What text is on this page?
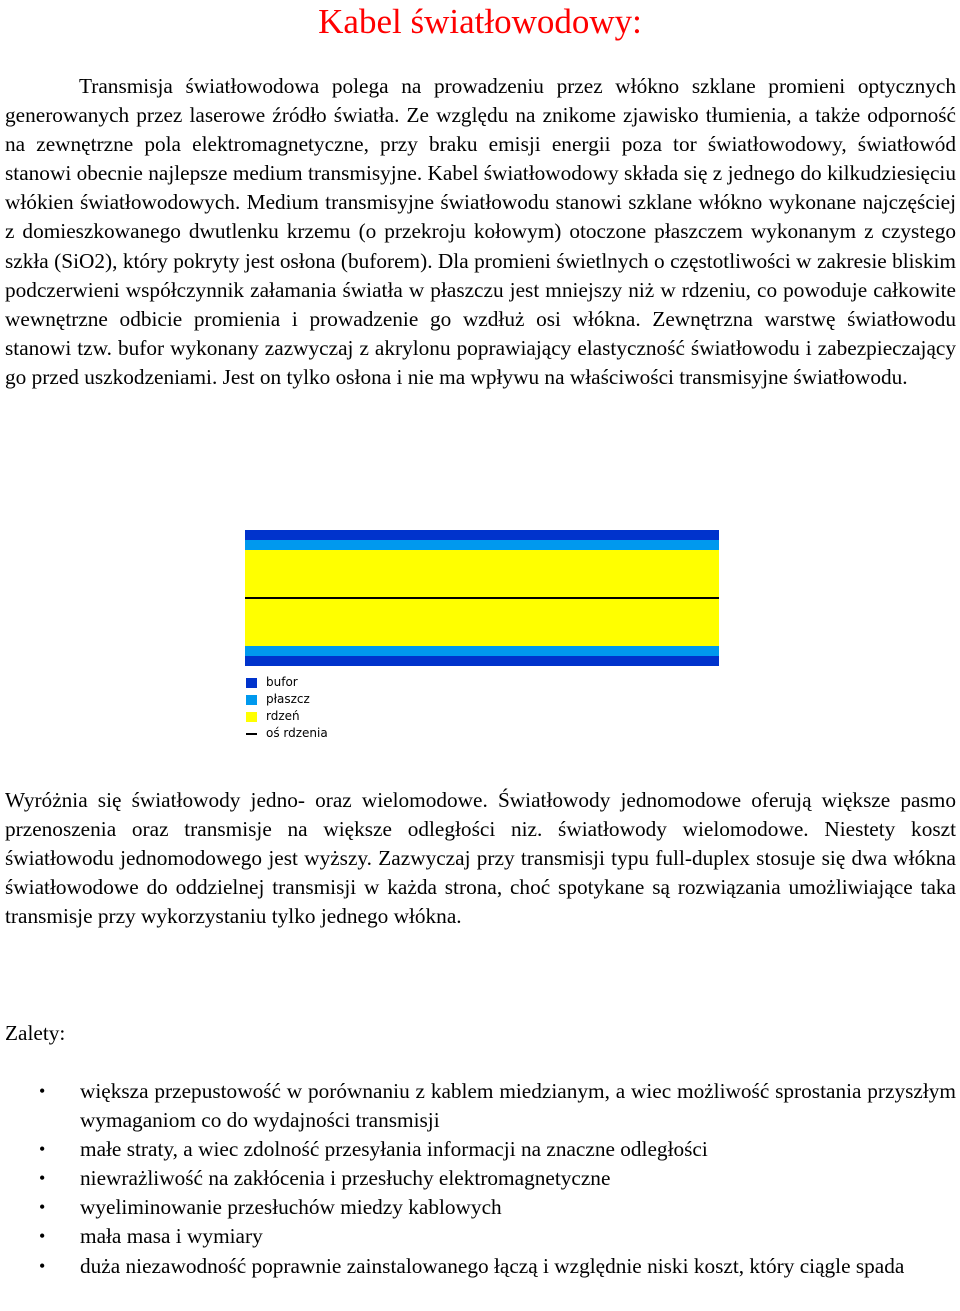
Kabel światłowodowy:

Transmisja światłowodowa polega na prowadzeniu przez włókno szklane promieni optycznych generowanych przez laserowe źródło światła. Ze względu na znikome zjawisko tłumienia, a także odporność na zewnętrzne pola elektromagnetyczne, przy braku emisji energii poza tor światłowodowy, światłowód stanowi obecnie najlepsze medium transmisyjne. Kabel światłowodowy składa się z jednego do kilkudziesięciu włókien światłowodowych. Medium transmisyjne światłowodu stanowi szklane włókno wykonane najczęściej z domieszkowanego dwutlenku krzemu (o przekroju kołowym) otoczone płaszczem wykonanym z czystego szkła (SiO2), który pokryty jest osłona (buforem). Dla promieni świetlnych o częstotliwości w zakresie bliskim podczerwieni współczynnik załamania światła w płaszczu jest mniejszy niż w rdzeniu, co powoduje całkowite wewnętrzne odbicie promienia i prowadzenie go wzdłuż osi włókna. Zewnętrzna warstwę światłowodu stanowi tzw. bufor wykonany zazwyczaj z akrylonu poprawiający elastyczność światłowodu i zabezpieczający go przed uszkodzeniami. Jest on tylko osłona i nie ma wpływu na właściwości transmisyjne światłowodu.

bufor
płaszcz
rdzeń
oś rdzenia

Wyróżnia się światłowody jedno- oraz wielomodowe. Światłowody jednomodowe oferują większe pasmo przenoszenia oraz transmisje na większe odległości niz. światłowody wielomodowe. Niestety koszt światłowodu jednomodowego jest wyższy. Zazwyczaj przy transmisji typu full-duplex stosuje się dwa włókna światłowodowe do oddzielnej transmisji w każda strona, choć spotykane są rozwiązania umożliwiające taka transmisje przy wykorzystaniu tylko jednego włókna.

Zalety:

• większa przepustowość w porównaniu z kablem miedzianym, a wiec możliwość sprostania przyszłym wymaganiom co do wydajności transmisji
• małe straty, a wiec zdolność przesyłania informacji na znaczne odległości
• niewrażliwość na zakłócenia i przesłuchy elektromagnetyczne
• wyeliminowanie przesłuchów miedzy kablowych
• mała masa i wymiary
• duża niezawodność poprawnie zainstalowanego łączą i względnie niski koszt, który ciągle spada
